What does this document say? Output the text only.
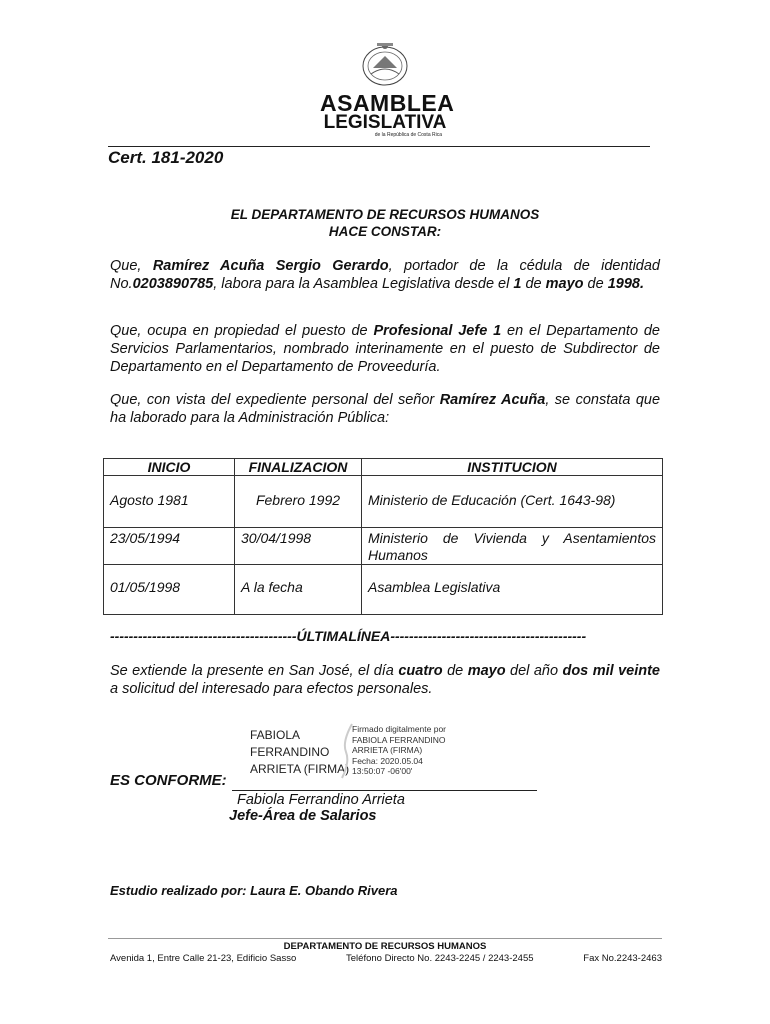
ASAMBLEA
LEGISLATIVA
de la República de Costa Rica
Cert. 181-2020
EL DEPARTAMENTO DE RECURSOS HUMANOS
HACE CONSTAR:
Que, Ramírez Acuña Sergio Gerardo, portador de la cédula de identidad No.0203890785, labora para la Asamblea Legislativa desde el 1 de mayo de 1998.
Que, ocupa en propiedad el puesto de Profesional Jefe 1 en el Departamento de Servicios Parlamentarios, nombrado interinamente en el puesto de Subdirector de Departamento en el Departamento de Proveeduría.
Que, con vista del expediente personal del señor Ramírez Acuña, se constata que ha laborado para la Administración Pública:
INICIO	FINALIZACION	INSTITUCION
Agosto 1981	Febrero 1992	Ministerio de Educación (Cert. 1643-98)
23/05/1994	30/04/1998	Ministerio de Vivienda y Asentamientos Humanos
01/05/1998	A la fecha	Asamblea Legislativa
----------------------------------------ÚLTIMALÍNEA------------------------------------------
Se extiende la presente en San José, el día cuatro de mayo del año dos mil veinte a solicitud del interesado para efectos personales.
FABIOLA
FERRANDINO
ARRIETA (FIRMA)
Firmado digitalmente por
FABIOLA FERRANDINO
ARRIETA (FIRMA)
Fecha: 2020.05.04
13:50:07 -06'00'
ES CONFORME:
Fabiola Ferrandino Arrieta
Jefe-Área de Salarios
Estudio realizado por: Laura E. Obando Rivera
DEPARTAMENTO DE RECURSOS HUMANOS
Avenida 1, Entre Calle 21-23, Edificio Sasso	Teléfono Directo No. 2243-2245 / 2243-2455	Fax No.2243-2463
